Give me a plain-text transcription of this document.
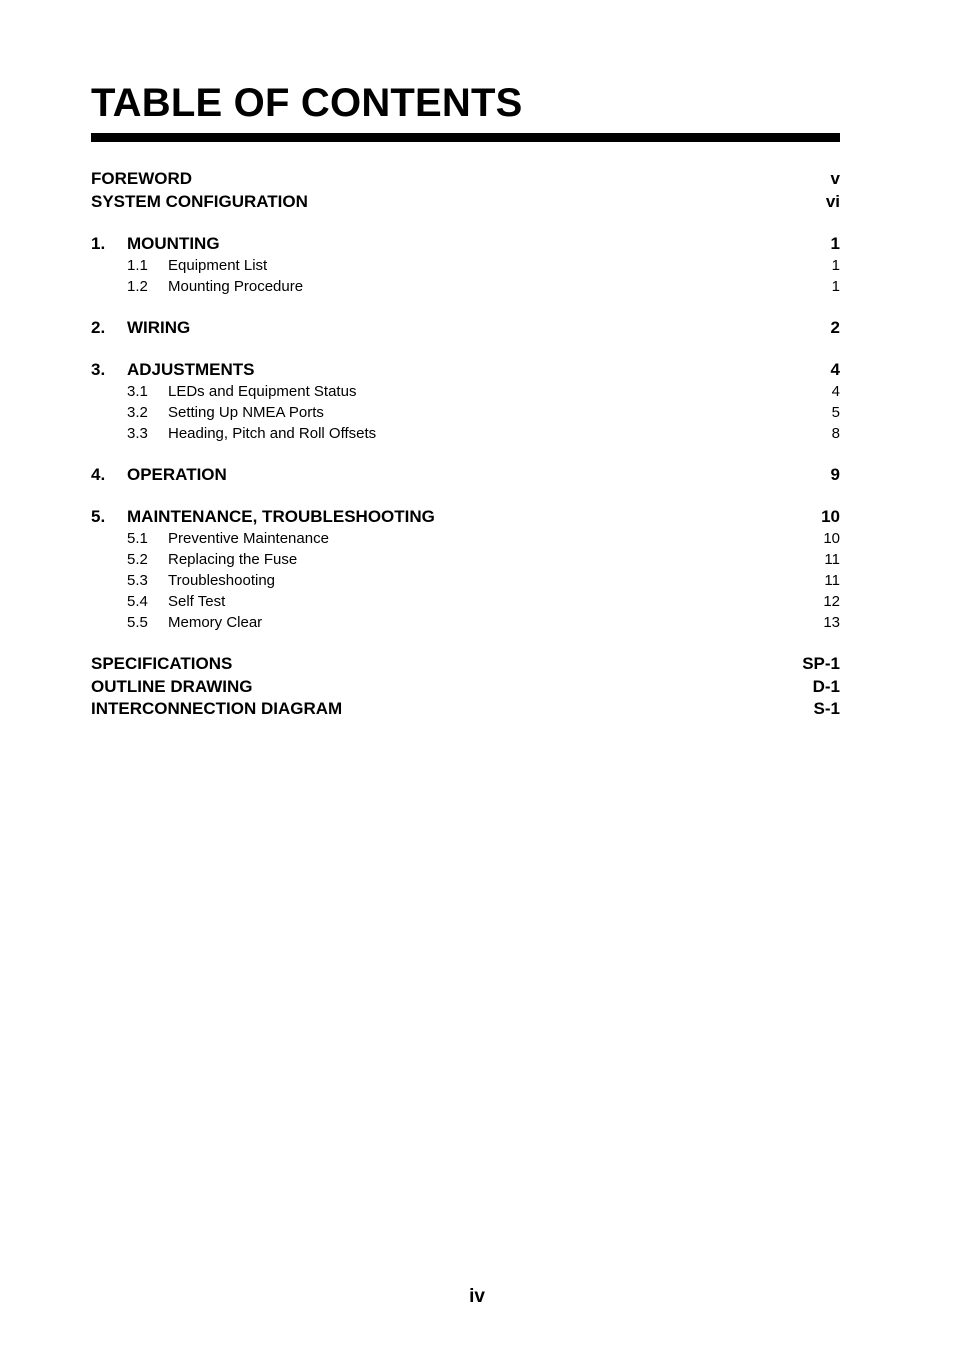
TABLE OF CONTENTS
FOREWORD	v
SYSTEM CONFIGURATION	vi
1.	MOUNTING	1
1.1	Equipment List	1
1.2	Mounting Procedure	1
2.	WIRING	2
3.	ADJUSTMENTS	4
3.1	LEDs and Equipment Status	4
3.2	Setting Up NMEA Ports	5
3.3	Heading, Pitch and Roll Offsets	8
4.	OPERATION	9
5.	MAINTENANCE, TROUBLESHOOTING	10
5.1	Preventive Maintenance	10
5.2	Replacing the Fuse	11
5.3	Troubleshooting	11
5.4	Self Test	12
5.5	Memory Clear	13
SPECIFICATIONS	SP-1
OUTLINE DRAWING	D-1
INTERCONNECTION DIAGRAM	S-1
iv
